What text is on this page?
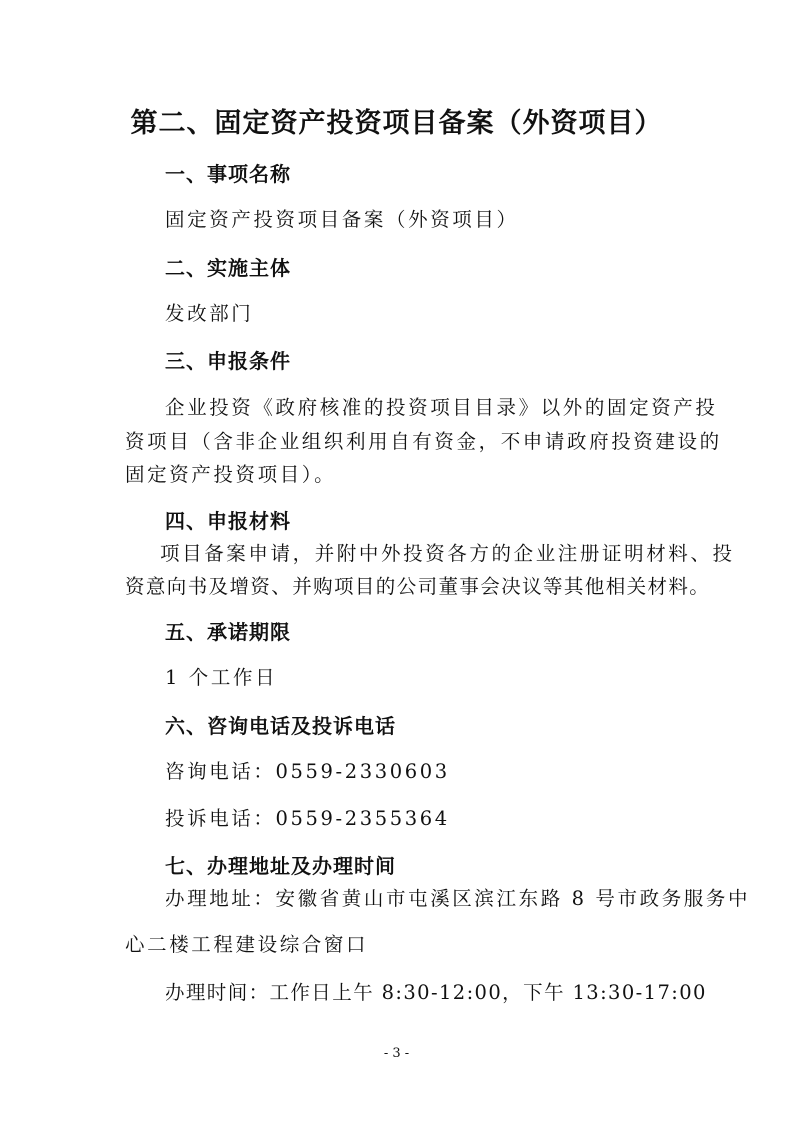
第二、固定资产投资项目备案（外资项目）
一、事项名称
固定资产投资项目备案（外资项目）
二、实施主体
发改部门
三、申报条件
企业投资《政府核准的投资项目目录》以外的固定资产投
资项目（含非企业组织利用自有资金，不申请政府投资建设的
固定资产投资项目）。
四、申报材料
项目备案申请，并附中外投资各方的企业注册证明材料、投
资意向书及增资、并购项目的公司董事会决议等其他相关材料。
五、承诺期限
1 个工作日
六、咨询电话及投诉电话
咨询电话：0559-2330603
投诉电话：0559-2355364
七、办理地址及办理时间
办理地址：安徽省黄山市屯溪区滨江东路 8 号市政务服务中
心二楼工程建设综合窗口
办理时间：工作日上午 8:30-12:00，下午 13:30-17:00
- 3 -
